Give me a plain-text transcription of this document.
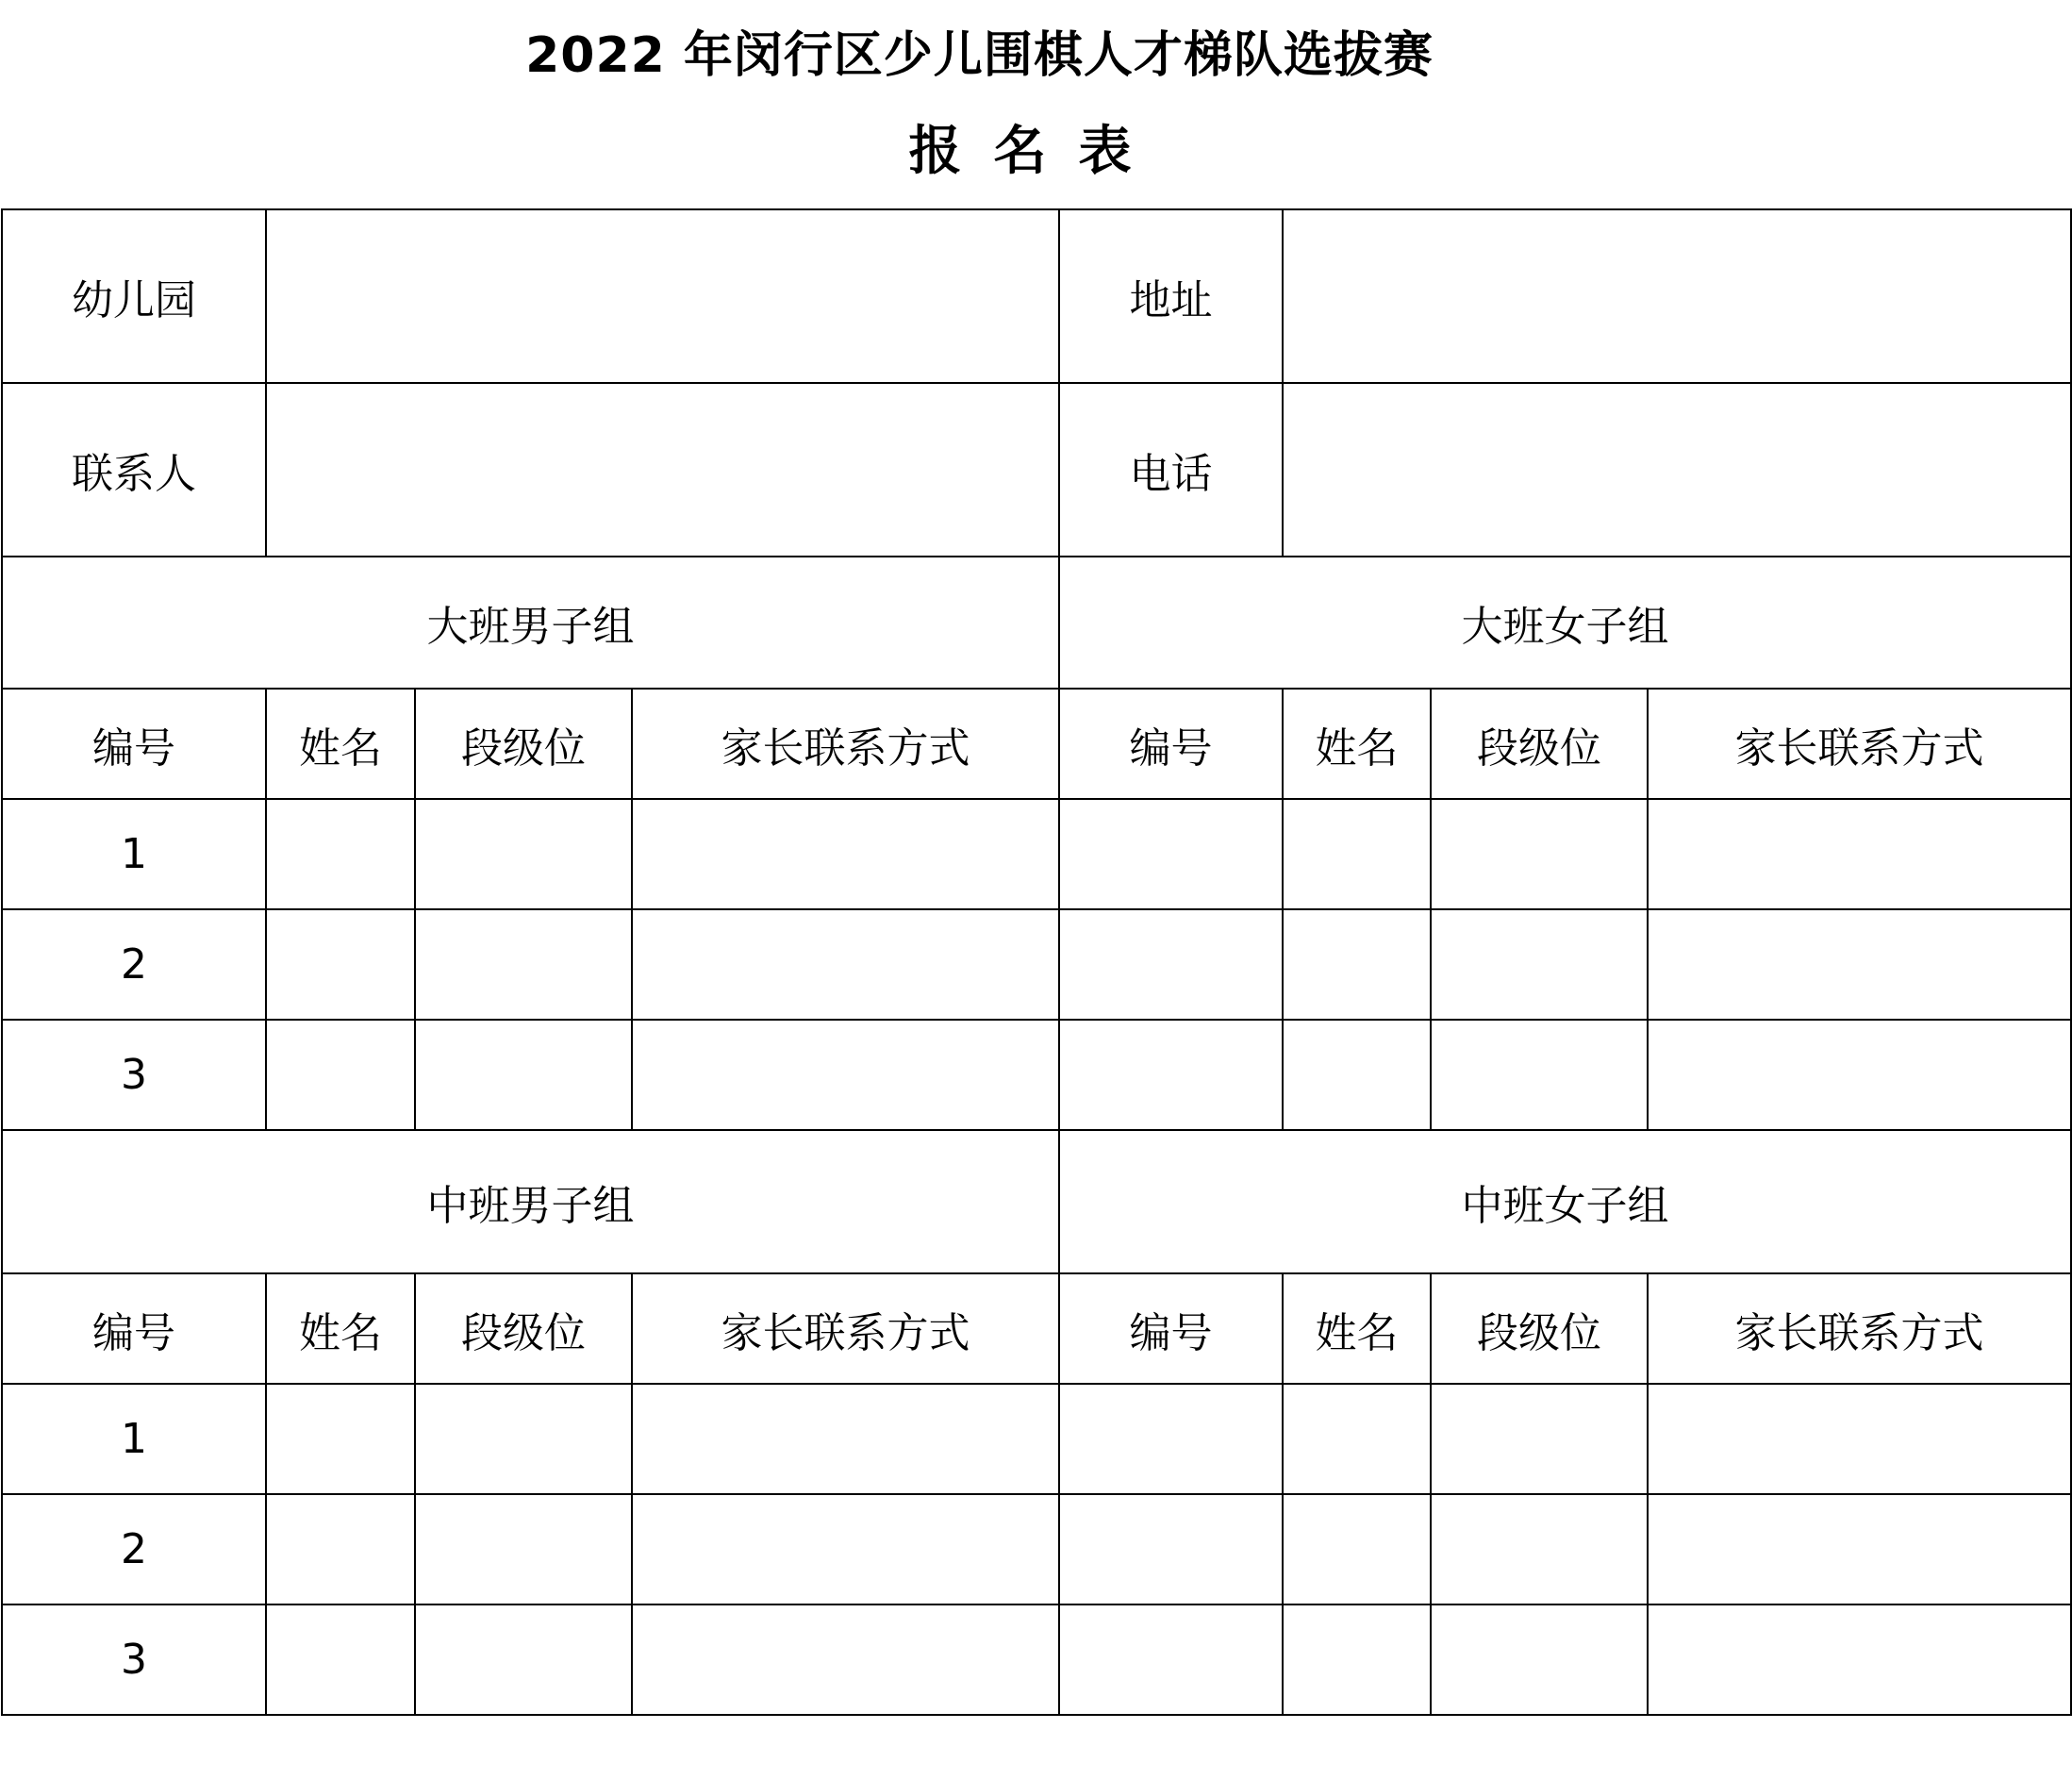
2022 年闵行区少儿围棋人才梯队选拔赛
报名表
幼儿园				地址			
联系人				电话			
大班男子组				大班女子组			
编号	姓名	段级位	家长联系方式	编号	姓名	段级位	家长联系方式
1							
2							
3							
中班男子组				中班女子组			
编号	姓名	段级位	家长联系方式	编号	姓名	段级位	家长联系方式
1							
2							
3							
